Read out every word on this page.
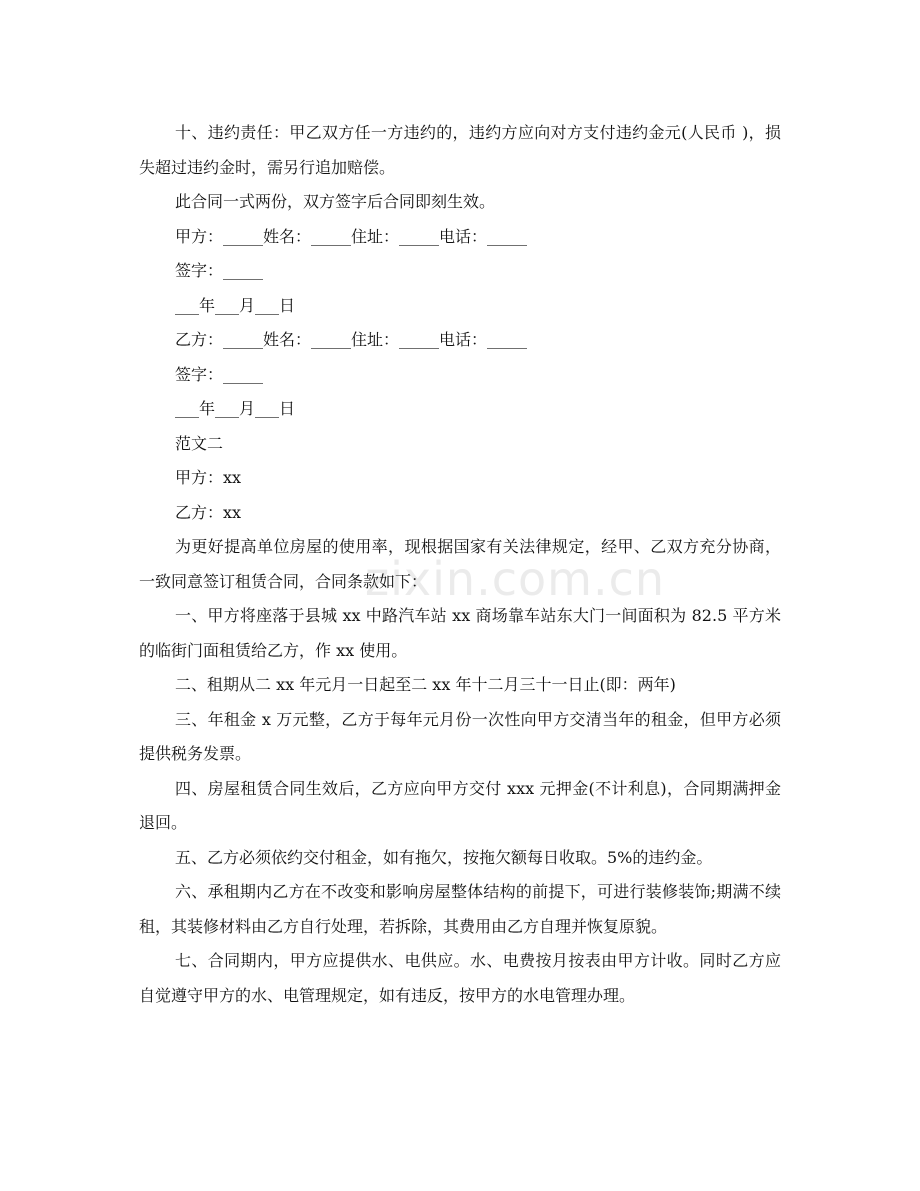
zixin.com.cn

十、违约责任：甲乙双方任一方违约的，违约方应向对方支付违约金元(人民币 )，损失超过违约金时，需另行追加赔偿。

此合同一式两份，双方签字后合同即刻生效。

甲方：_____姓名：_____住址：_____电话：_____

签字：_____

___年___月___日

乙方：_____姓名：_____住址：_____电话：_____

签字：_____

___年___月___日

范文二

甲方：xx

乙方：xx

为更好提高单位房屋的使用率，现根据国家有关法律规定，经甲、乙双方充分协商，一致同意签订租赁合同，合同条款如下：

一、甲方将座落于县城 xx 中路汽车站 xx 商场靠车站东大门一间面积为 82.5 平方米的临街门面租赁给乙方，作 xx 使用。

二、租期从二 xx 年元月一日起至二 xx 年十二月三十一日止(即：两年)

三、年租金 x 万元整，乙方于每年元月份一次性向甲方交清当年的租金，但甲方必须提供税务发票。

四、房屋租赁合同生效后，乙方应向甲方交付 xxx 元押金(不计利息)，合同期满押金退回。

五、乙方必须依约交付租金，如有拖欠，按拖欠额每日收取。5%的违约金。

六、承租期内乙方在不改变和影响房屋整体结构的前提下，可进行装修装饰;期满不续租，其装修材料由乙方自行处理，若拆除，其费用由乙方自理并恢复原貌。

七、合同期内，甲方应提供水、电供应。水、电费按月按表由甲方计收。同时乙方应自觉遵守甲方的水、电管理规定，如有违反，按甲方的水电管理办理。
